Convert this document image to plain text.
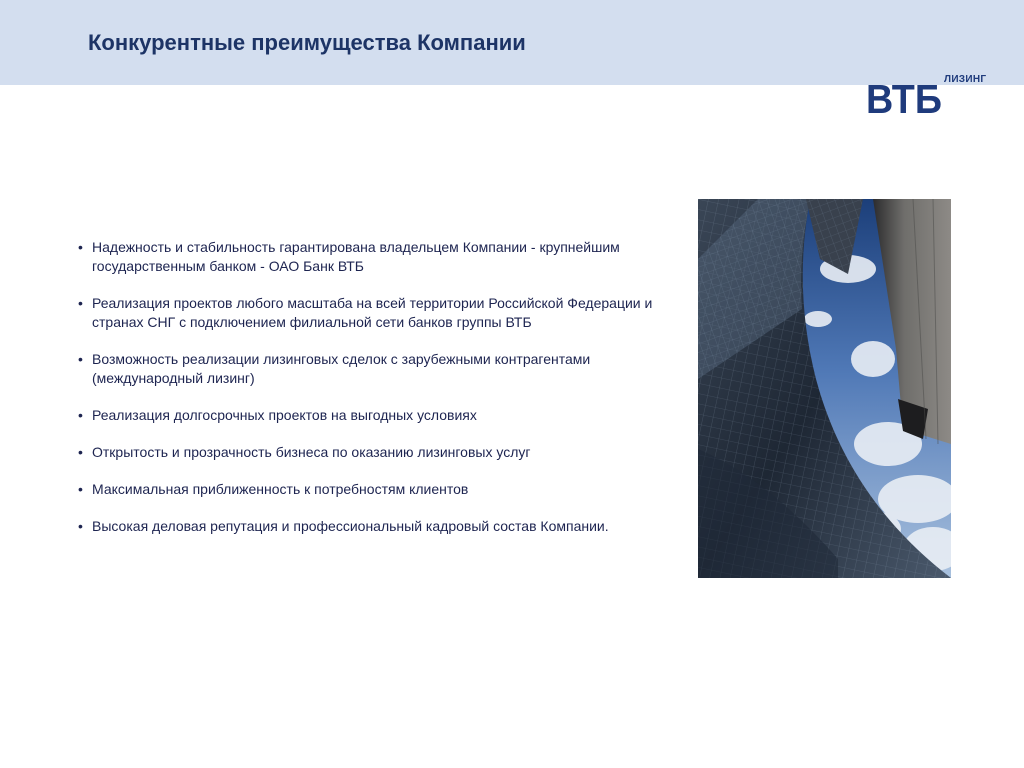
Конкурентные преимущества Компании
ВТБ ЛИЗИНГ
• Надежность и стабильность гарантирована владельцем Компании - крупнейшим государственным банком - ОАО Банк ВТБ
• Реализация проектов любого масштаба на всей территории Российской Федерации и странах СНГ с подключением филиальной сети банков группы ВТБ
• Возможность реализации лизинговых сделок с зарубежными контрагентами (международный лизинг)
• Реализация долгосрочных проектов на выгодных условиях
• Открытость и прозрачность бизнеса по оказанию лизинговых услуг
• Максимальная приближенность к потребностям клиентов
• Высокая деловая репутация и профессиональный кадровый состав Компании.
